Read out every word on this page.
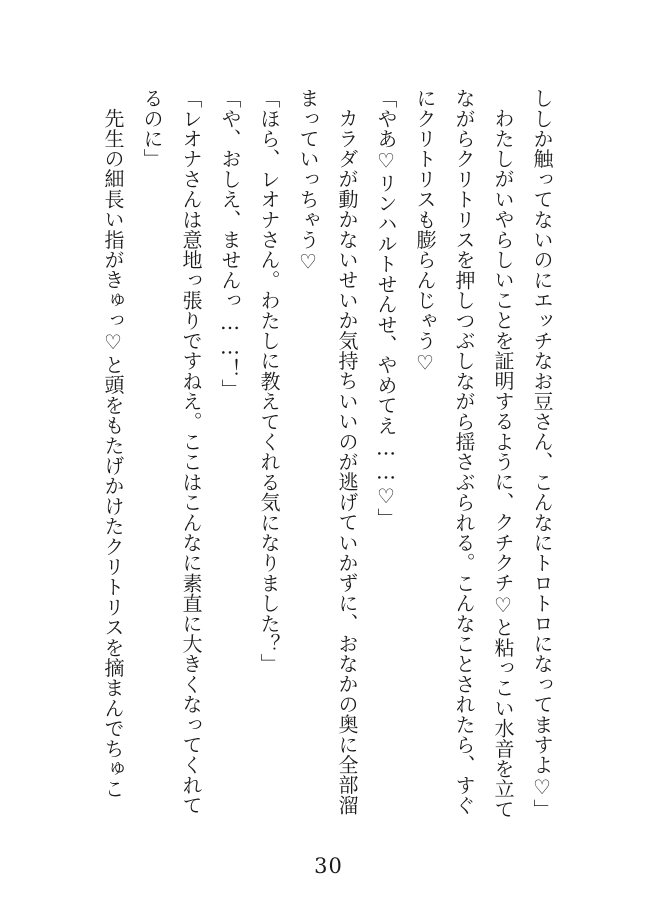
ししか触ってないのにエッチなお豆さん、こんなにトロトロになってますよ♡」

わたしがいやらしいことを証明するように、クチクチ♡と粘っこい水音を立てながらクリトリスを押しつぶしながら揺さぶられる。こんなことされたら、すぐにクリトリスも膨らんじゃう♡

「やあ♡リンハルトせんせ、やめてえ……♡」

カラダが動かないせいか気持ちいいのが逃げていかずに、おなかの奥に全部溜まっていっちゃう♡

「ほら、レオナさん。わたしに教えてくれる気になりました？」

「や、おしえ、ませんっ……！」

「レオナさんは意地っ張りですねえ。ここはこんなに素直に大きくなってくれてるのに」

先生の細長い指がきゅっ♡と頭をもたげかけたクリトリスを摘まんでちゅこ

30
